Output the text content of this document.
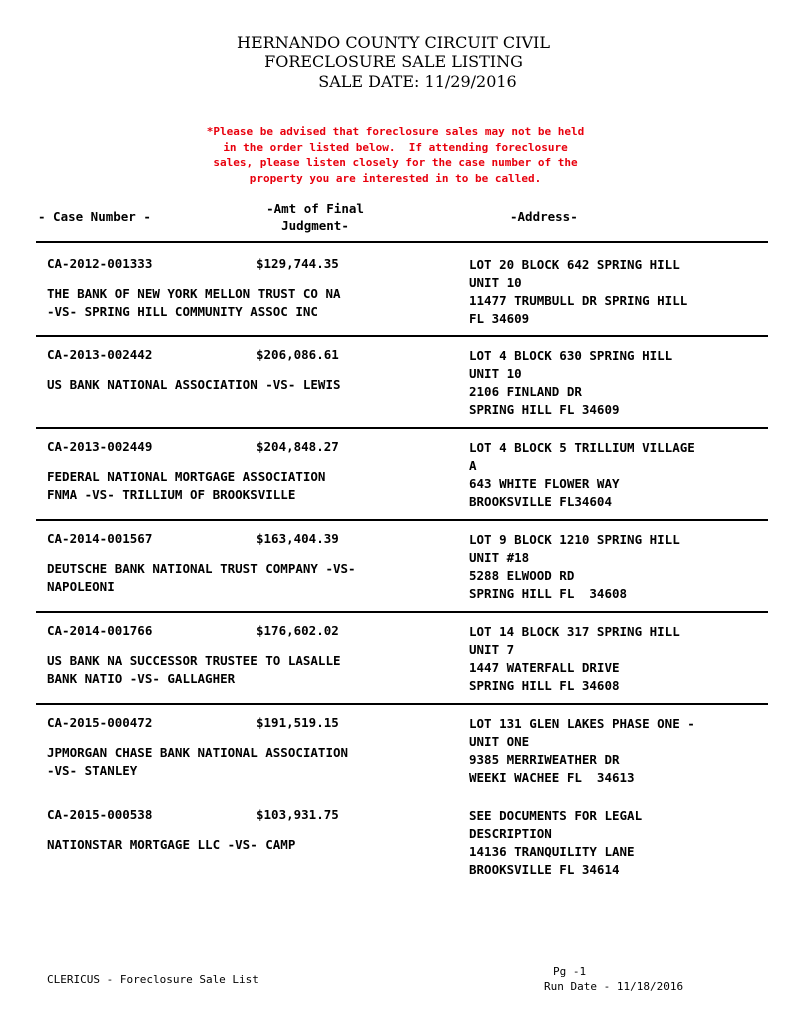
HERNANDO COUNTY CIRCUIT CIVIL
FORECLOSURE SALE LISTING
SALE DATE: 11/29/2016
*Please be advised that foreclosure sales may not be held
in the order listed below.  If attending foreclosure
sales, please listen closely for the case number of the
property you are interested in to be called.
- Case Number -
-Amt of Final
Judgment-
-Address-
CA-2012-001333	$129,744.35
THE BANK OF NEW YORK MELLON TRUST CO NA
-VS- SPRING HILL COMMUNITY ASSOC INC
LOT 20 BLOCK 642 SPRING HILL
UNIT 10
11477 TRUMBULL DR SPRING HILL
FL 34609
CA-2013-002442	$206,086.61
US BANK NATIONAL ASSOCIATION -VS- LEWIS
LOT 4 BLOCK 630 SPRING HILL
UNIT 10
2106 FINLAND DR
SPRING HILL FL 34609
CA-2013-002449	$204,848.27
FEDERAL NATIONAL MORTGAGE ASSOCIATION
FNMA -VS- TRILLIUM OF BROOKSVILLE
LOT 4 BLOCK 5 TRILLIUM VILLAGE
A
643 WHITE FLOWER WAY
BROOKSVILLE FL34604
CA-2014-001567	$163,404.39
DEUTSCHE BANK NATIONAL TRUST COMPANY -VS-
NAPOLEONI
LOT 9 BLOCK 1210 SPRING HILL
UNIT #18
5288 ELWOOD RD
SPRING HILL FL  34608
CA-2014-001766	$176,602.02
US BANK NA SUCCESSOR TRUSTEE TO LASALLE
BANK NATIO -VS- GALLAGHER
LOT 14 BLOCK 317 SPRING HILL
UNIT 7
1447 WATERFALL DRIVE
SPRING HILL FL 34608
CA-2015-000472	$191,519.15
JPMORGAN CHASE BANK NATIONAL ASSOCIATION
-VS- STANLEY
LOT 131 GLEN LAKES PHASE ONE -
UNIT ONE
9385 MERRIWEATHER DR
WEEKI WACHEE FL  34613
CA-2015-000538	$103,931.75
NATIONSTAR MORTGAGE LLC -VS- CAMP
SEE DOCUMENTS FOR LEGAL
DESCRIPTION
14136 TRANQUILITY LANE
BROOKSVILLE FL 34614
CLERICUS - Foreclosure Sale List
Pg -1
Run Date - 11/18/2016
